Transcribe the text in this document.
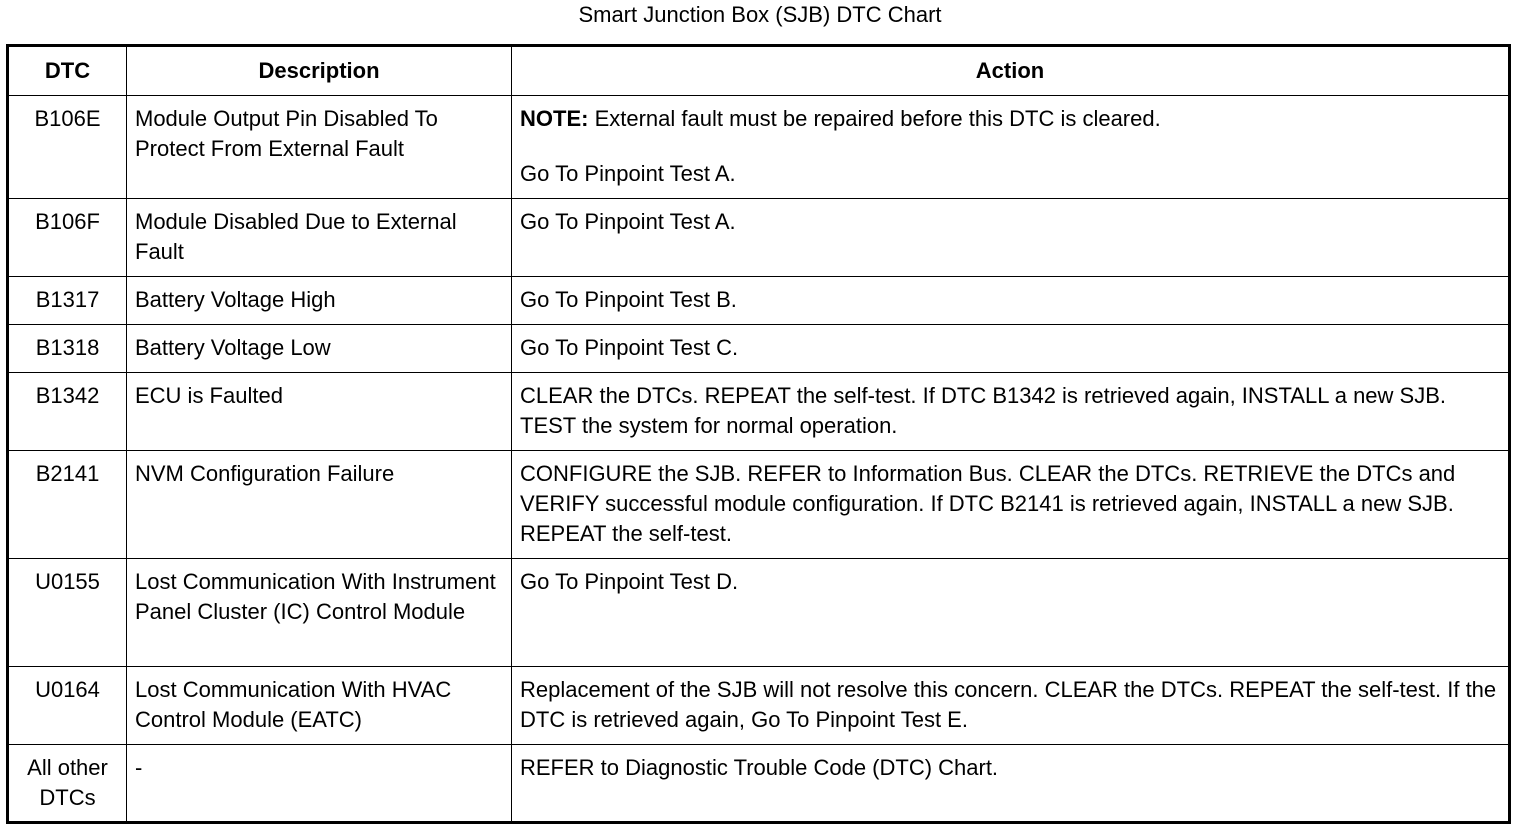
Smart Junction Box (SJB) DTC Chart
DTC	Description	Action
B106E	Module Output Pin Disabled To Protect From External Fault	NOTE: External fault must be repaired before this DTC is cleared.
Go To Pinpoint Test A.

B106F	Module Disabled Due to External Fault	Go To Pinpoint Test A.
B1317	Battery Voltage High	Go To Pinpoint Test B.
B1318	Battery Voltage Low	Go To Pinpoint Test C.
B1342	ECU is Faulted	CLEAR the DTCs. REPEAT the self-test. If DTC B1342 is retrieved again, INSTALL a new SJB. TEST the system for normal operation.
B2141	NVM Configuration Failure	CONFIGURE the SJB. REFER to Information Bus. CLEAR the DTCs. RETRIEVE the DTCs and VERIFY successful module configuration. If DTC B2141 is retrieved again, INSTALL a new SJB. REPEAT the self-test.
U0155	Lost Communication With Instrument Panel Cluster (IC) Control Module	Go To Pinpoint Test D.
U0164	Lost Communication With HVAC Control Module (EATC)	Replacement of the SJB will not resolve this concern. CLEAR the DTCs. REPEAT the self-test. If the DTC is retrieved again, Go To Pinpoint Test E.
All other DTCs	-	REFER to Diagnostic Trouble Code (DTC) Chart.
